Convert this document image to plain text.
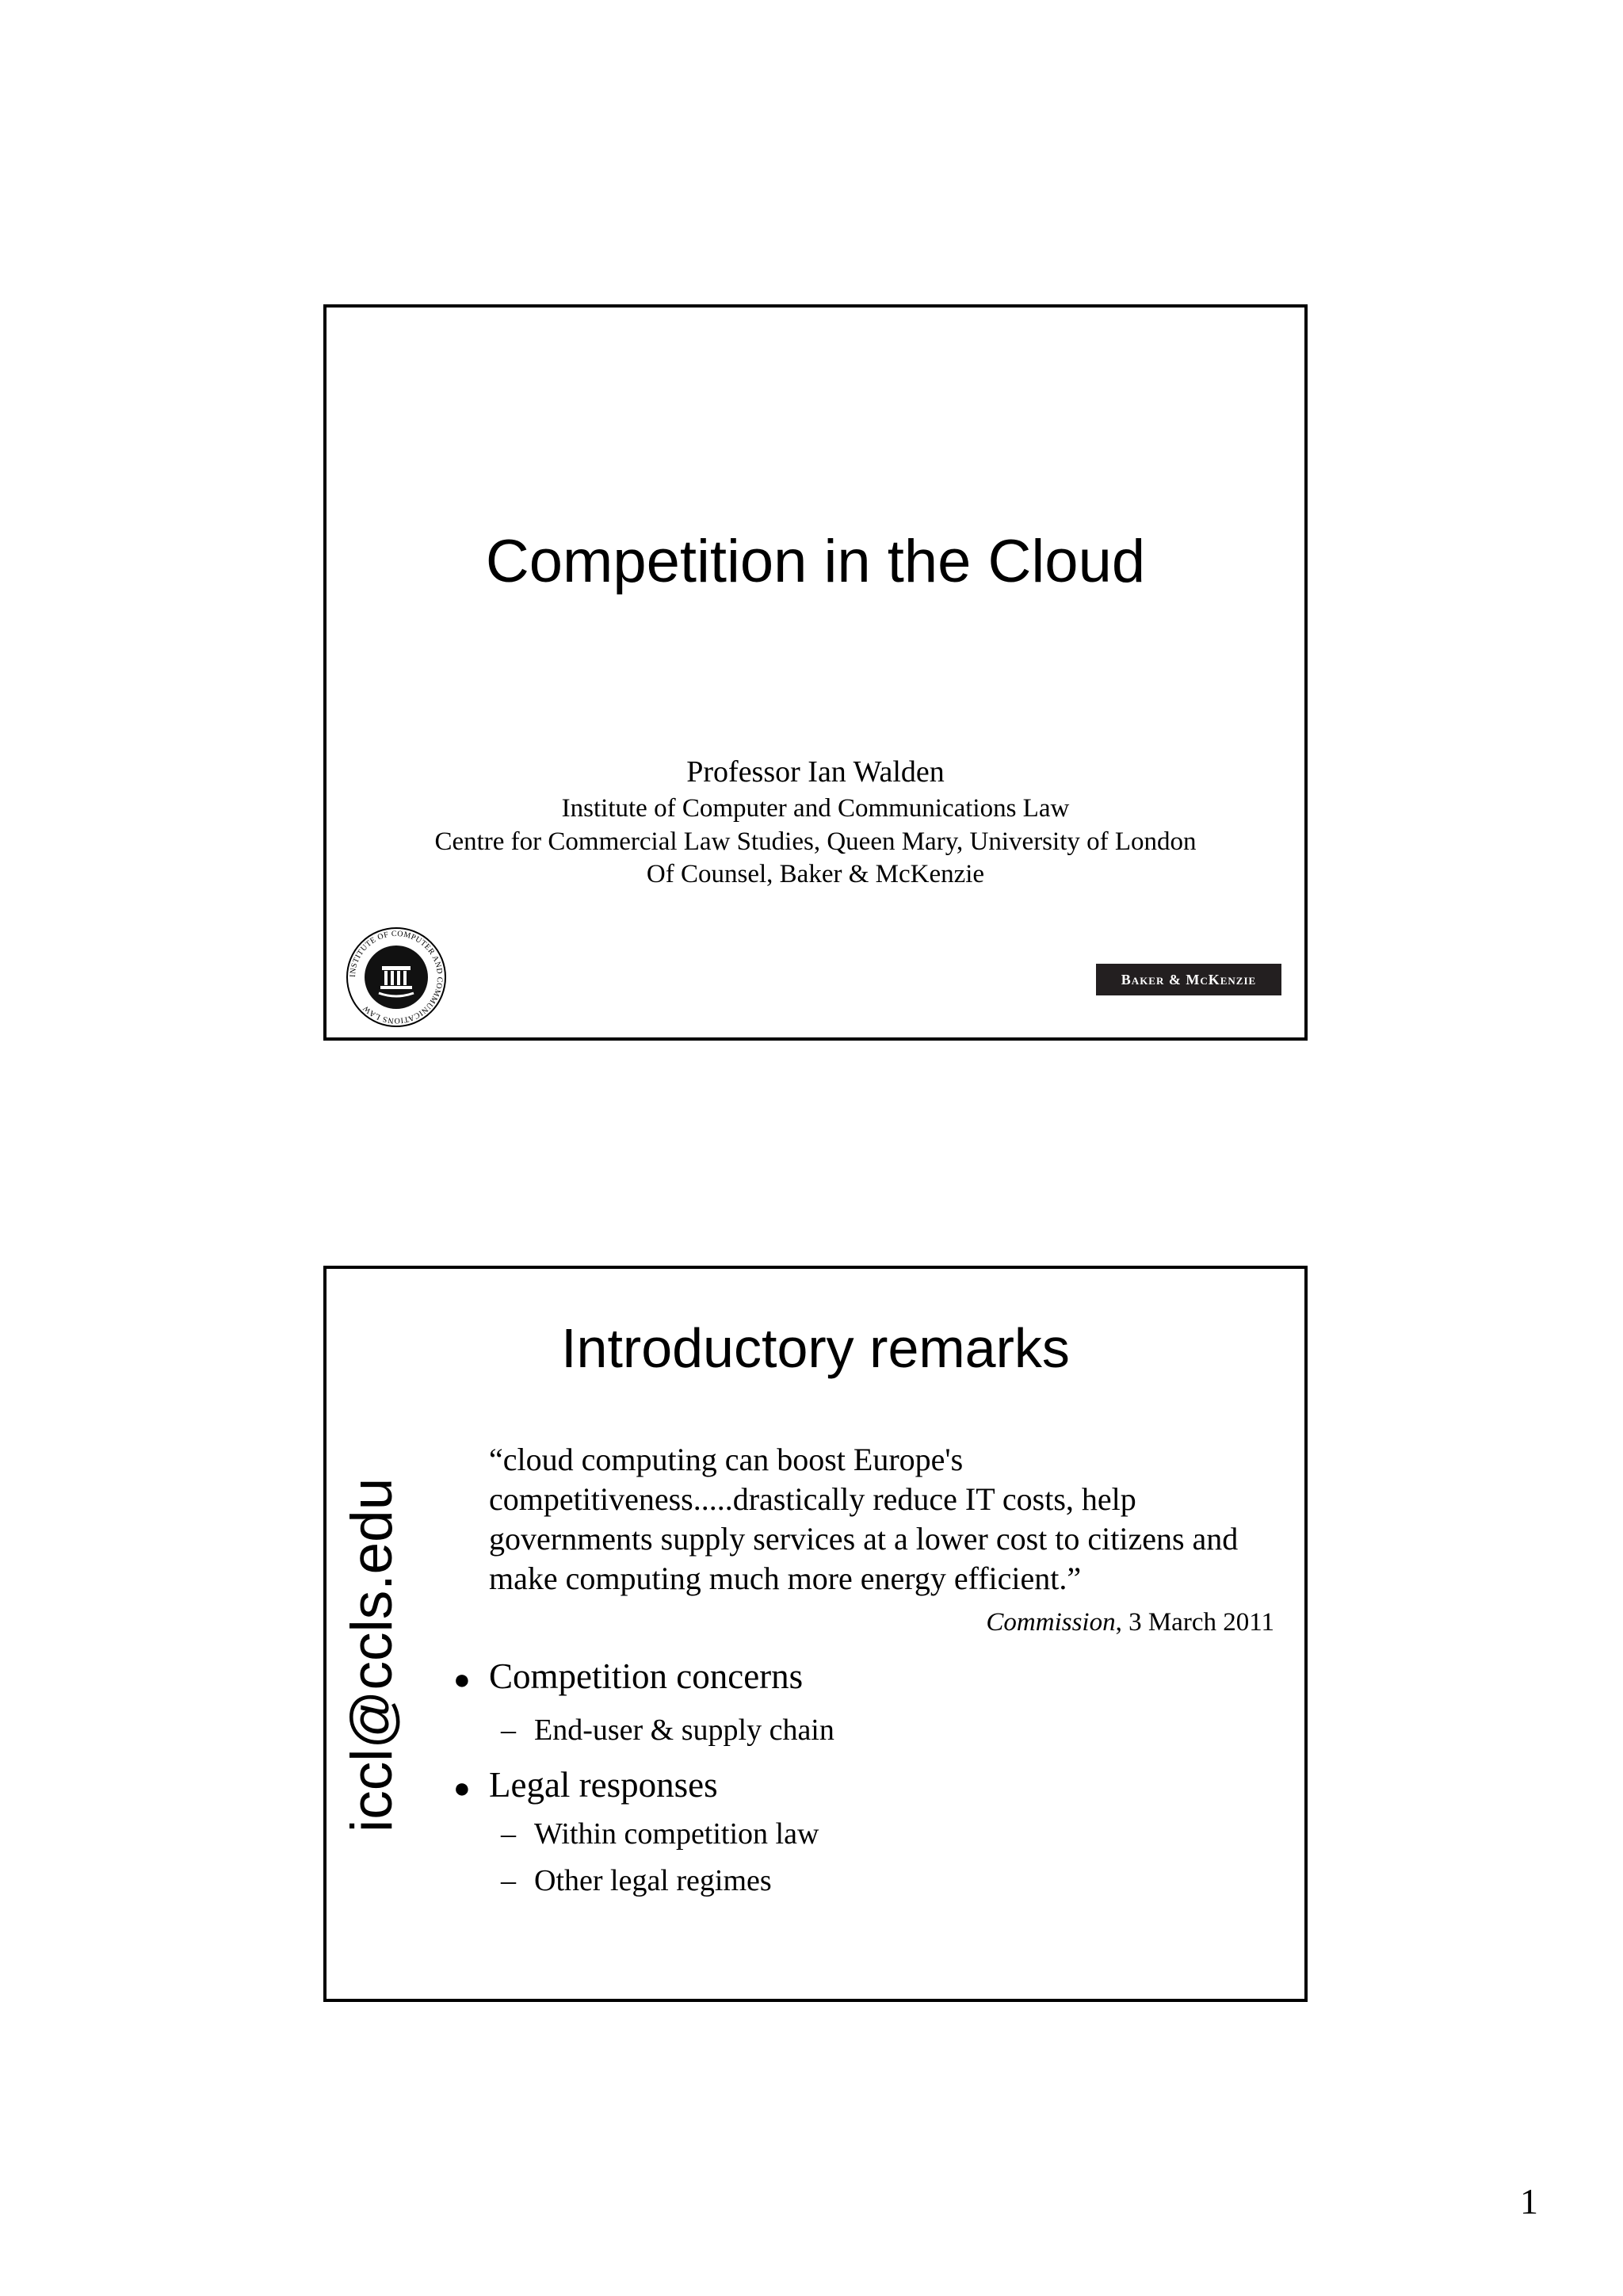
Competition in the Cloud
Professor Ian Walden
Institute of Computer and Communications Law
Centre for Commercial Law Studies, Queen Mary, University of London
Of Counsel, Baker & McKenzie
INSTITUTE OF COMPUTER AND COMMUNICATIONS LAW
Baker & McKenzie
Introductory remarks
iccl@ccls.edu
“cloud computing can boost Europe's competitiveness.....drastically reduce IT costs, help governments supply services at a lower cost to citizens and make computing much more energy efficient.”
Commission, 3 March 2011
● Competition concerns
– End-user & supply chain
● Legal responses
– Within competition law
– Other legal regimes
1
